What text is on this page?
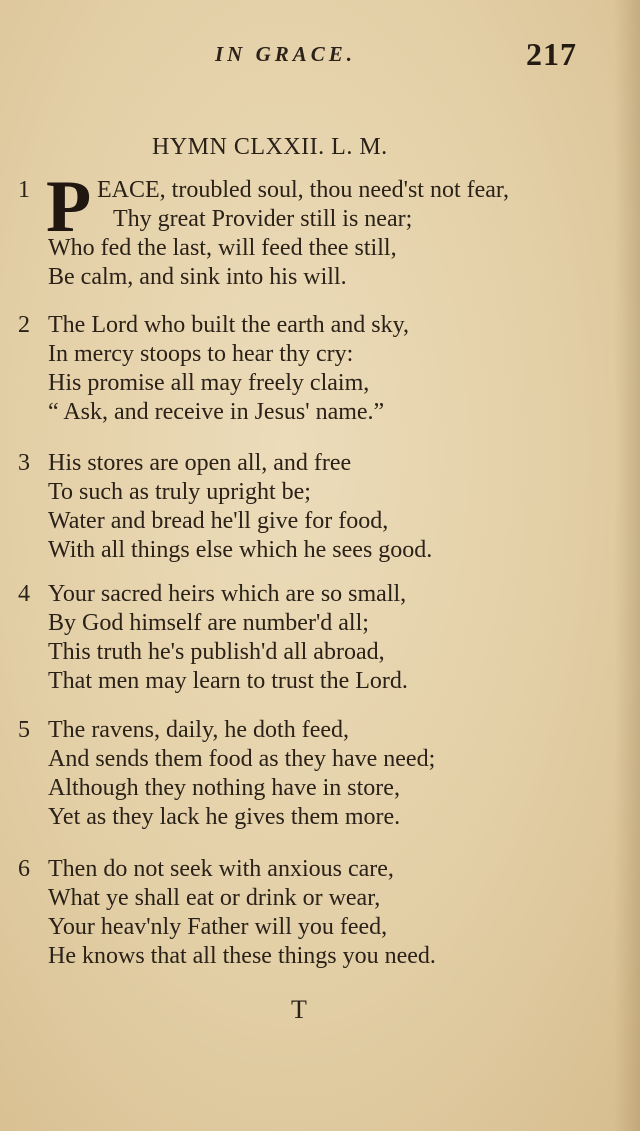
IN GRACE.	217
HYMN CLXXII. L. M.
1 P EACE, troubled soul, thou need'st not fear,
Thy great Provider still is near;
Who fed the last, will feed thee still,
Be calm, and sink into his will.
2 The Lord who built the earth and sky,
In mercy stoops to hear thy cry:
His promise all may freely claim,
“ Ask, and receive in Jesus' name.”
3 His stores are open all, and free
To such as truly upright be;
Water and bread he'll give for food,
With all things else which he sees good.
4 Your sacred heirs which are so small,
By God himself are number'd all;
This truth he's publish'd all abroad,
That men may learn to trust the Lord.
5 The ravens, daily, he doth feed,
And sends them food as they have need;
Although they nothing have in store,
Yet as they lack he gives them more.
6 Then do not seek with anxious care,
What ye shall eat or drink or wear,
Your heav'nly Father will you feed,
He knows that all these things you need.
T
